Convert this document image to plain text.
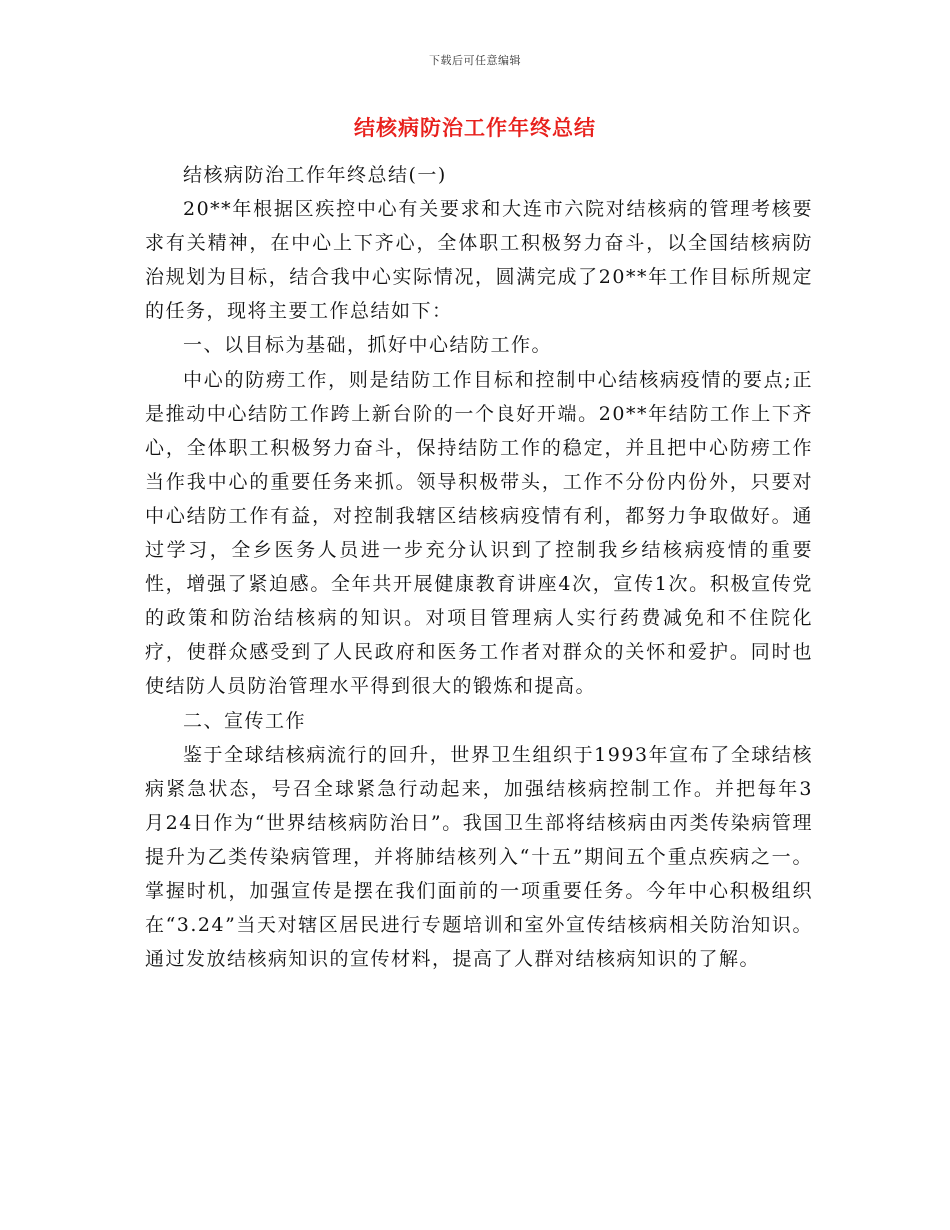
下载后可任意编辑
结核病防治工作年终总结

结核病防治工作年终总结(一)

20**年根据区疾控中心有关要求和大连市六院对结核病的管理考核要求有关精神，在中心上下齐心，全体职工积极努力奋斗，以全国结核病防治规划为目标，结合我中心实际情况，圆满完成了20**年工作目标所规定的任务，现将主要工作总结如下：

一、以目标为基础，抓好中心结防工作。

中心的防痨工作，则是结防工作目标和控制中心结核病疫情的要点;正是推动中心结防工作跨上新台阶的一个良好开端。20**年结防工作上下齐心，全体职工积极努力奋斗，保持结防工作的稳定，并且把中心防痨工作当作我中心的重要任务来抓。领导积极带头，工作不分份内份外，只要对中心结防工作有益，对控制我辖区结核病疫情有利，都努力争取做好。通过学习，全乡医务人员进一步充分认识到了控制我乡结核病疫情的重要性，增强了紧迫感。全年共开展健康教育讲座4次，宣传1次。积极宣传党的政策和防治结核病的知识。对项目管理病人实行药费减免和不住院化疗，使群众感受到了人民政府和医务工作者对群众的关怀和爱护。同时也使结防人员防治管理水平得到很大的锻炼和提高。

二、宣传工作

鉴于全球结核病流行的回升，世界卫生组织于1993年宣布了全球结核病紧急状态，号召全球紧急行动起来，加强结核病控制工作。并把每年3月24日作为“世界结核病防治日”。我国卫生部将结核病由丙类传染病管理提升为乙类传染病管理，并将肺结核列入“十五”期间五个重点疾病之一。掌握时机，加强宣传是摆在我们面前的一项重要任务。今年中心积极组织在“3.24”当天对辖区居民进行专题培训和室外宣传结核病相关防治知识。通过发放结核病知识的宣传材料，提高了人群对结核病知识的了解。
